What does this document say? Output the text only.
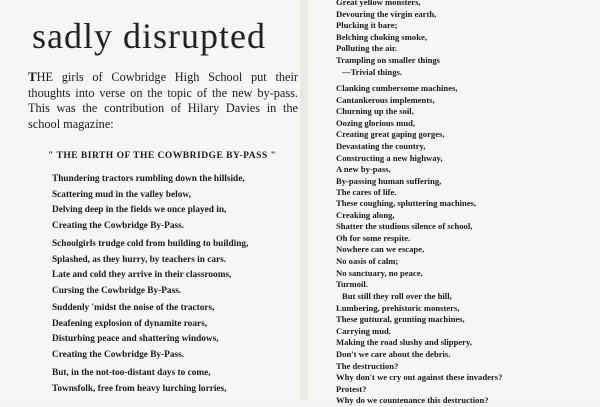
sadly disrupted

THE girls of Cowbridge High School put their thoughts into verse on the topic of the new by-pass. This was the contribution of Hilary Davies in the school magazine:

" THE BIRTH OF THE COWBRIDGE BY-PASS "

Thundering tractors rumbling down the hillside,
Scattering mud in the valley below,
Delving deep in the fields we once played in,
Creating the Cowbridge By-Pass.
Schoolgirls trudge cold from building to building,
Splashed, as they hurry, by teachers in cars.
Late and cold they arrive in their classrooms,
Cursing the Cowbridge By-Pass.
Suddenly 'midst the noise of the tractors,
Deafening explosion of dynamite roars,
Disturbing peace and shattering windows,
Creating the Cowbridge By-Pass.
But, in the not-too-distant days to come,
Townsfolk, free from heavy lurching lorries,
Great yellow monsters,
Devouring the virgin earth,
Plucking it bare;
Belching choking smoke,
Polluting the air.
Trampling on smaller things
—Trivial things.
Clanking cumbersome machines,
Cantankerous implements,
Churning up the soil,
Oozing glorious mud,
Creating great gaping gorges,
Devastating the country,
Constructing a new highway,
A new by-pass,
By-passing human suffering,
The cares of life.
These coughing, spluttering machines,
Creaking along,
Shatter the studious silence of school,
Oh for some respite.
Nowhere can we escape,
No oasis of calm;
No sanctuary, no peace,
Turmoil.
But still they roll over the hill,
Lumbering, prehistoric monsters,
These guttural, grunting machines,
Carrying mud.
Making the road slushy and slippery,
Don't we care about the debris.
The destruction?
Why don't we cry out against these invaders?
Protest?
Why do we countenance this destruction?
